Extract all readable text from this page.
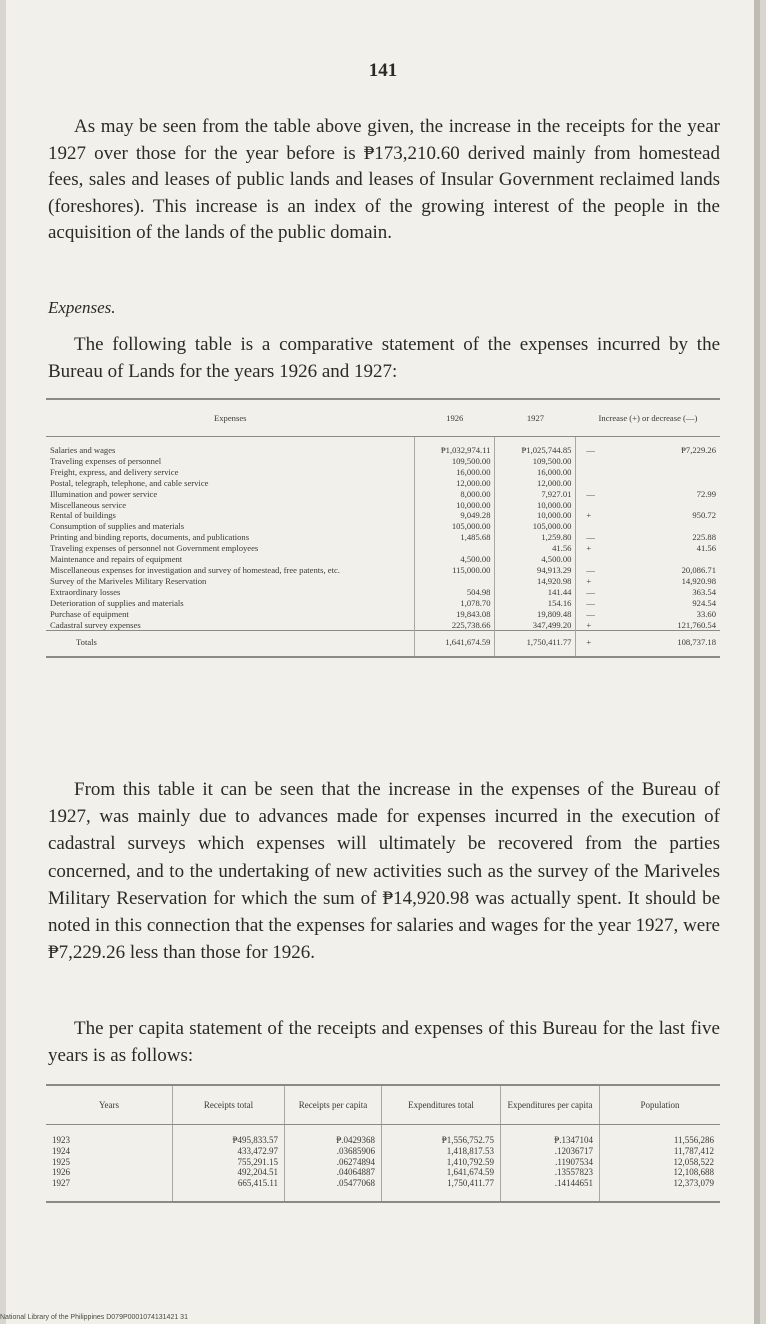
141

As may be seen from the table above given, the increase in the receipts for the year 1927 over those for the year before is ₱173,210.60 derived mainly from homestead fees, sales and leases of public lands and leases of Insular Government reclaimed lands (foreshores). This increase is an index of the growing interest of the people in the acquisition of the lands of the public domain.

Expenses.

The following table is a comparative statement of the expenses incurred by the Bureau of Lands for the years 1926 and 1927:

Expenses	1926	1927	Increase (+) or decrease (—)
Salaries and wages	₱1,032,974.11	₱1,025,744.85	— ₱7,229.26
Traveling expenses of personnel	109,500.00	109,500.00	

Freight, express, and delivery service	16,000.00	16,000.00	

Postal, telegraph, telephone, and cable service	12,000.00	12,000.00	

Illumination and power service	8,000.00	7,927.01	— 72.99
Miscellaneous service	10,000.00	10,000.00	

Rental of buildings	9,049.28	10,000.00	+ 950.72
Consumption of supplies and materials	105,000.00	105,000.00	

Printing and binding reports, documents, and publications	1,485.68	1,259.80	— 225.88
Traveling expenses of personnel not Government employees		41.56	+ 41.56
Maintenance and repairs of equipment	4,500.00	4,500.00	

Miscellaneous expenses for investigation and survey of homestead, free patents, etc.	115,000.00	94,913.29	— 20,086.71
Survey of the Mariveles Military Reservation		14,920.98	+ 14,920.98
Extraordinary losses	504.98	141.44	— 363.54
Deterioration of supplies and materials	1,078.70	154.16	— 924.54
Purchase of equipment	19,843.08	19,809.48	— 33.60
Cadastral survey expenses	225,738.66	347,499.20	+ 121,760.54
Totals	1,641,674.59	1,750,411.77	+ 108,737.18

From this table it can be seen that the increase in the expenses of the Bureau of 1927, was mainly due to advances made for expenses incurred in the execution of cadastral surveys which expenses will ultimately be recovered from the parties concerned, and to the undertaking of new activities such as the survey of the Mariveles Military Reservation for which the sum of ₱14,920.98 was actually spent. It should be noted in this connection that the expenses for salaries and wages for the year 1927, were ₱7,229.26 less than those for 1926.

The per capita statement of the receipts and expenses of this Bureau for the last five years is as follows:

Years	Receipts total	Receipts per capita	Expenditures total	Expenditures per capita	Population
1923	₱495,833.57	₱.0429368	₱1,556,752.75	₱.1347104	11,556,286
1924	433,472.97	.03685906	1,418,817.53	.12036717	11,787,412
1925	755,291.15	.06274894	1,410,792.59	.11907534	12,058,522
1926	492,204.51	.04064887	1,641,674.59	.13557823	12,108,688
1927	665,415.11	.05477068	1,750,411.77	.14144651	12,373,079
National Library of the Philippines D079P0001074131421 31
